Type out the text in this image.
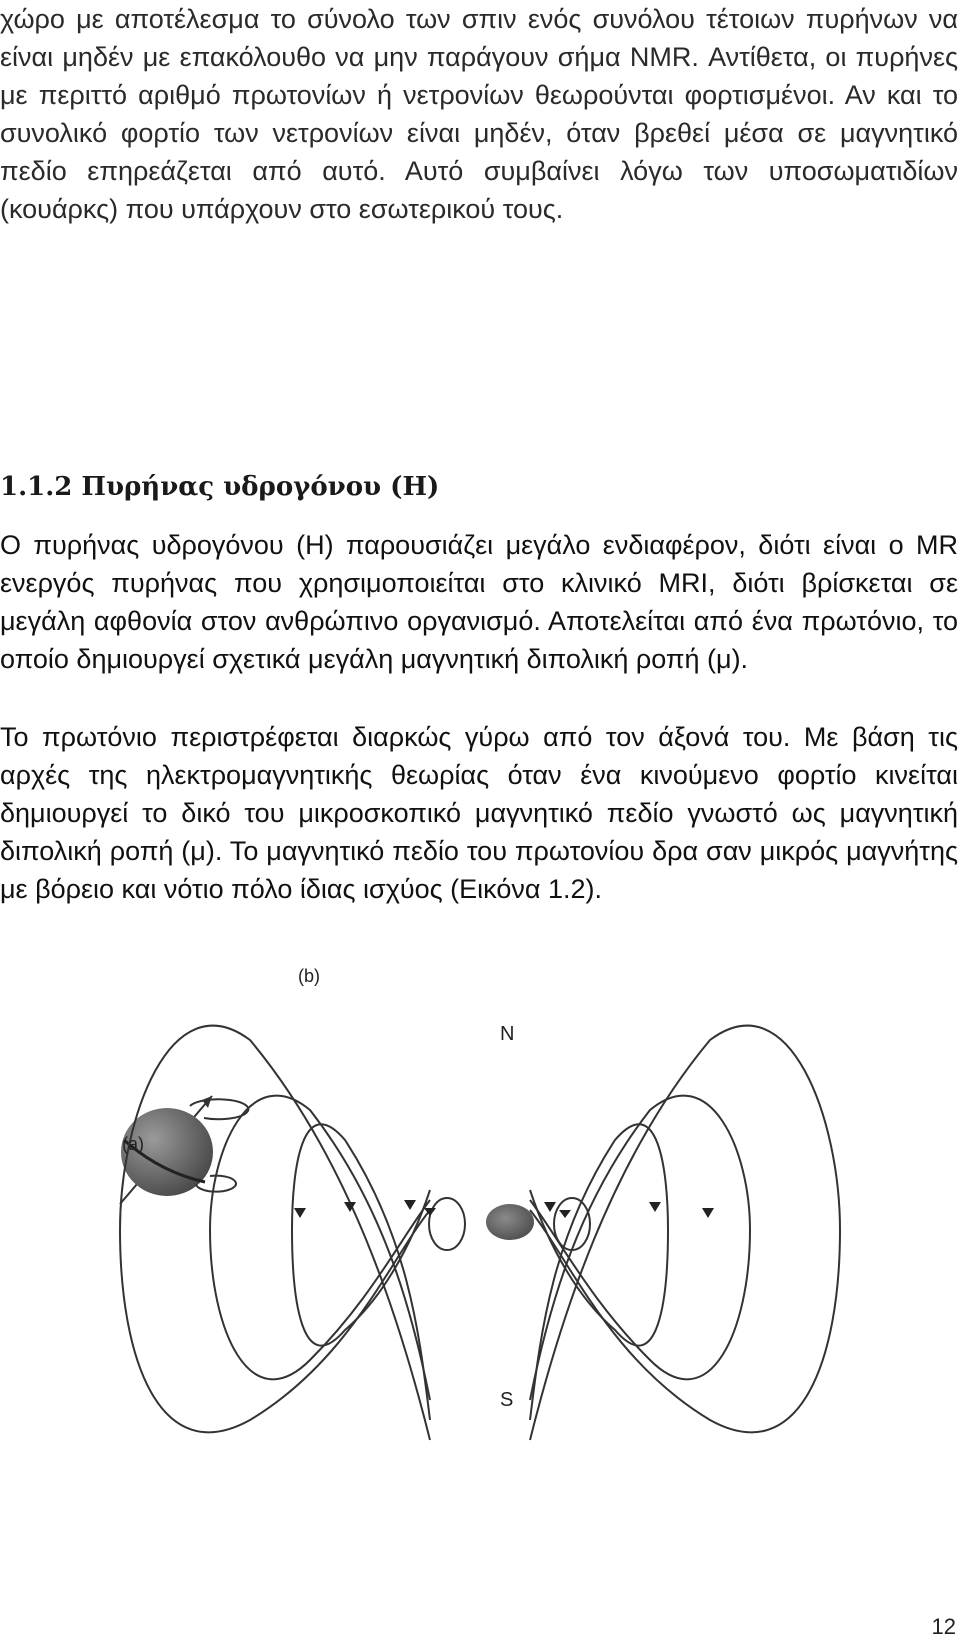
χώρο με αποτέλεσμα το σύνολο των σπιν ενός συνόλου τέτοιων πυρήνων να είναι μηδέν με επακόλουθο να μην παράγουν σήμα NMR. Αντίθετα, οι πυρήνες με περιττό αριθμό πρωτονίων ή νετρονίων θεωρούνται φορτισμένοι. Αν και το συνολικό φορτίο των νετρονίων είναι μηδέν, όταν βρεθεί μέσα σε μαγνητικό πεδίο επηρεάζεται από αυτό. Αυτό συμβαίνει λόγω των υποσωματιδίων (κουάρκς) που υπάρχουν στο εσωτερικού τους.

1.1.2 Πυρήνας υδρογόνου (Η)

Ο πυρήνας υδρογόνου (Η) παρουσιάζει μεγάλο ενδιαφέρον, διότι είναι ο MR ενεργός πυρήνας που χρησιμοποιείται στο κλινικό MRI, διότι βρίσκεται σε μεγάλη αφθονία στον ανθρώπινο οργανισμό. Αποτελείται από ένα πρωτόνιο, το οποίο δημιουργεί σχετικά μεγάλη μαγνητική διπολική ροπή (μ).

Το πρωτόνιο περιστρέφεται διαρκώς γύρω από τον άξονά του. Με βάση τις αρχές της ηλεκτρομαγνητικής θεωρίας όταν ένα κινούμενο φορτίο κινείται δημιουργεί το δικό του μικροσκοπικό μαγνητικό πεδίο γνωστό ως μαγνητική διπολική ροπή (μ). Το μαγνητικό πεδίο του πρωτονίου δρα σαν μικρός μαγνήτης με βόρειο και νότιο πόλο ίδιας ισχύος (Εικόνα 1.2).

(a)
(b)
N
S
12
